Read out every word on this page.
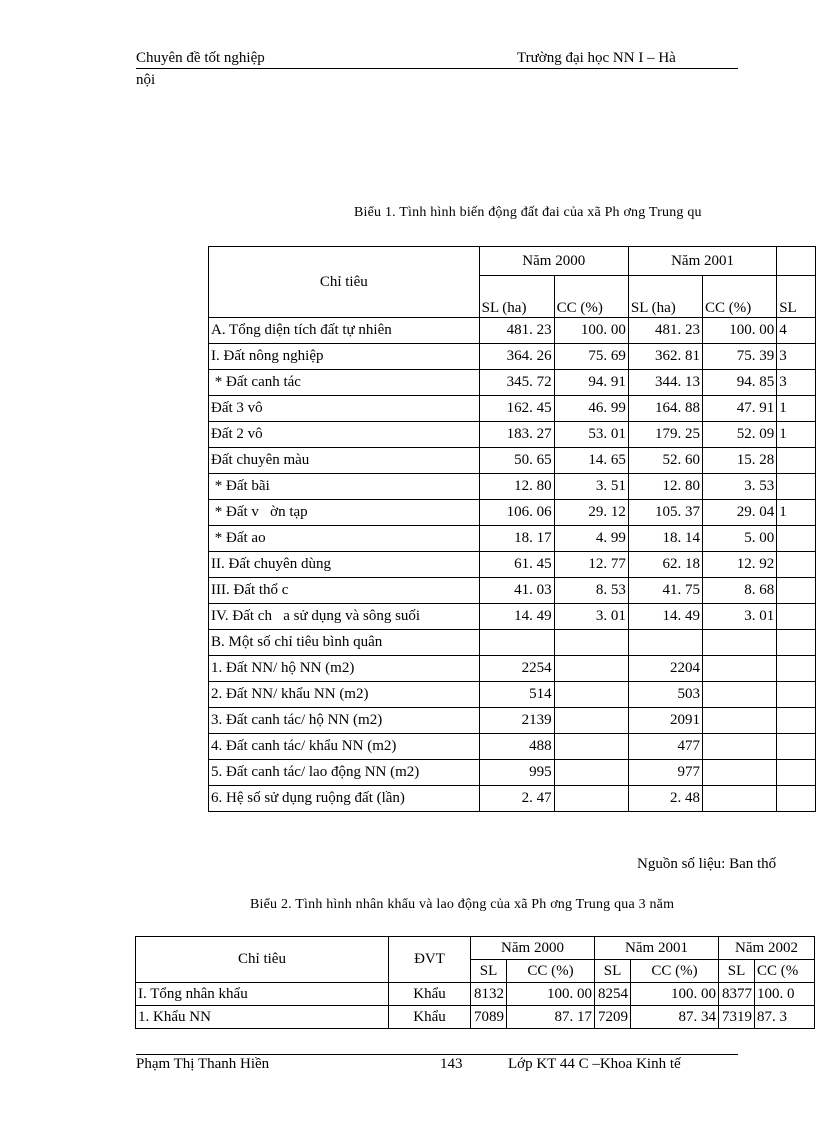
Chuyên đề tốt nghiệp	Trường đại học NN I – Hà
nội
Biểu 1. Tình hình biến động đất đai của xã Ph ơng Trung qu
Chỉ tiêu	Năm 2000		Năm 2001		
	SL (ha)	CC (%)	SL (ha)	CC (%)	SL
A. Tổng diện tích đất tự nhiên	481. 23	100. 00	481. 23	100. 00	4
I. Đất nông nghiệp	364. 26	75. 69	362. 81	75. 39	3
* Đất canh tác	345. 72	94. 91	344. 13	94. 85	3
Đất 3 vô	162. 45	46. 99	164. 88	47. 91	1
Đất 2 vô	183. 27	53. 01	179. 25	52. 09	1
Đất chuyên màu	50. 65	14. 65	52. 60	15. 28	
* Đất bãi	12. 80	3. 51	12. 80	3. 53	
* Đất v   ờn tạp	106. 06	29. 12	105. 37	29. 04	1
* Đất ao	18. 17	4. 99	18. 14	5. 00	
II. Đất chuyên dùng	61. 45	12. 77	62. 18	12. 92	
III. Đất thổ c	41. 03	8. 53	41. 75	8. 68	
IV. Đất ch   a sử dụng và sông suối	14. 49	3. 01	14. 49	3. 01	
B. Một số chỉ tiêu bình quân					
1. Đất NN/ hộ NN (m2)	2254		2204		
2. Đất NN/ khẩu NN (m2)	514		503		
3. Đất canh tác/ hộ NN (m2)	2139		2091		
4. Đất canh tác/ khẩu NN (m2)	488		477		
5. Đất canh tác/ lao động NN (m2)	995		977		
6. Hệ số sử dụng ruộng đất (lần)	2. 47		2. 48		
Nguồn số liệu: Ban thố
Biểu 2. Tình hình nhân khẩu và lao động của xã Ph ơng Trung qua 3 năm
Chỉ tiêu	ĐVT	Năm 2000		Năm 2001		Năm 2002	
		SL	CC (%)	SL	CC (%)	SL	CC (%
I. Tổng nhân khẩu	Khẩu	8132	100. 00	8254	100. 00	8377	100. 0
1. Khẩu NN	Khẩu	7089	87. 17	7209	87. 34	7319	87. 3
Phạm Thị Thanh Hiền	143	Lớp KT 44 C –Khoa Kinh tế
